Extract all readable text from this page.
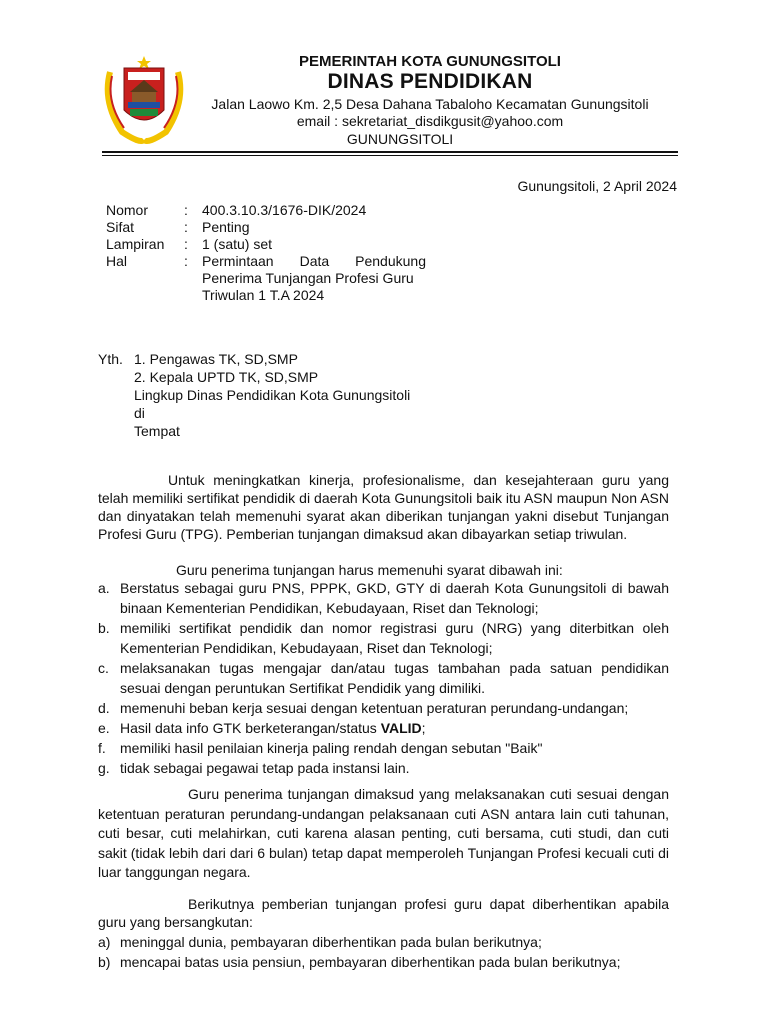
PEMERINTAH KOTA GUNUNGSITOLI
DINAS PENDIDIKAN
Jalan Laowo Km. 2,5 Desa Dahana Tabaloho Kecamatan Gunungsitoli
email : sekretariat_disdikgusit@yahoo.com
GUNUNGSITOLI
Gunungsitoli, 2 April 2024
Nomor	:	400.3.10.3/1676-DIK/2024
Sifat	:	Penting
Lampiran	:	1 (satu) set
Hal	:	Permintaan Data Pendukung
Penerima Tunjangan Profesi Guru
Triwulan 1 T.A 2024
Yth. 1. Pengawas TK, SD,SMP
2. Kepala UPTD TK, SD,SMP
Lingkup Dinas Pendidikan Kota Gunungsitoli
di
Tempat
Untuk meningkatkan kinerja, profesionalisme, dan kesejahteraan guru yang telah memiliki sertifikat pendidik di daerah Kota Gunungsitoli baik itu ASN maupun Non ASN dan dinyatakan telah memenuhi syarat akan diberikan tunjangan yakni disebut Tunjangan Profesi Guru (TPG). Pemberian tunjangan dimaksud akan dibayarkan setiap triwulan.
Guru penerima tunjangan harus memenuhi syarat dibawah ini:
a. Berstatus sebagai guru PNS, PPPK, GKD, GTY di daerah Kota Gunungsitoli di bawah binaan Kementerian Pendidikan, Kebudayaan, Riset dan Teknologi;
b. memiliki sertifikat pendidik dan nomor registrasi guru (NRG) yang diterbitkan oleh Kementerian Pendidikan, Kebudayaan, Riset dan Teknologi;
c. melaksanakan tugas mengajar dan/atau tugas tambahan pada satuan pendidikan sesuai dengan peruntukan Sertifikat Pendidik yang dimiliki.
d. memenuhi beban kerja sesuai dengan ketentuan peraturan perundang-undangan;
e. Hasil data info GTK berketerangan/status VALID;
f.	memiliki hasil penilaian kinerja paling rendah dengan sebutan "Baik"
g. tidak sebagai pegawai tetap pada instansi lain.
Guru penerima tunjangan dimaksud yang melaksanakan cuti sesuai dengan ketentuan peraturan perundang-undangan pelaksanaan cuti ASN antara lain cuti tahunan, cuti besar, cuti melahirkan, cuti karena alasan penting, cuti bersama, cuti studi, dan cuti sakit (tidak lebih dari dari 6 bulan) tetap dapat memperoleh Tunjangan Profesi kecuali cuti di luar tanggungan negara.
Berikutnya pemberian tunjangan profesi guru dapat diberhentikan apabila guru yang bersangkutan:
a) meninggal dunia, pembayaran diberhentikan pada bulan berikutnya;
b) mencapai batas usia pensiun, pembayaran diberhentikan pada bulan berikutnya;
